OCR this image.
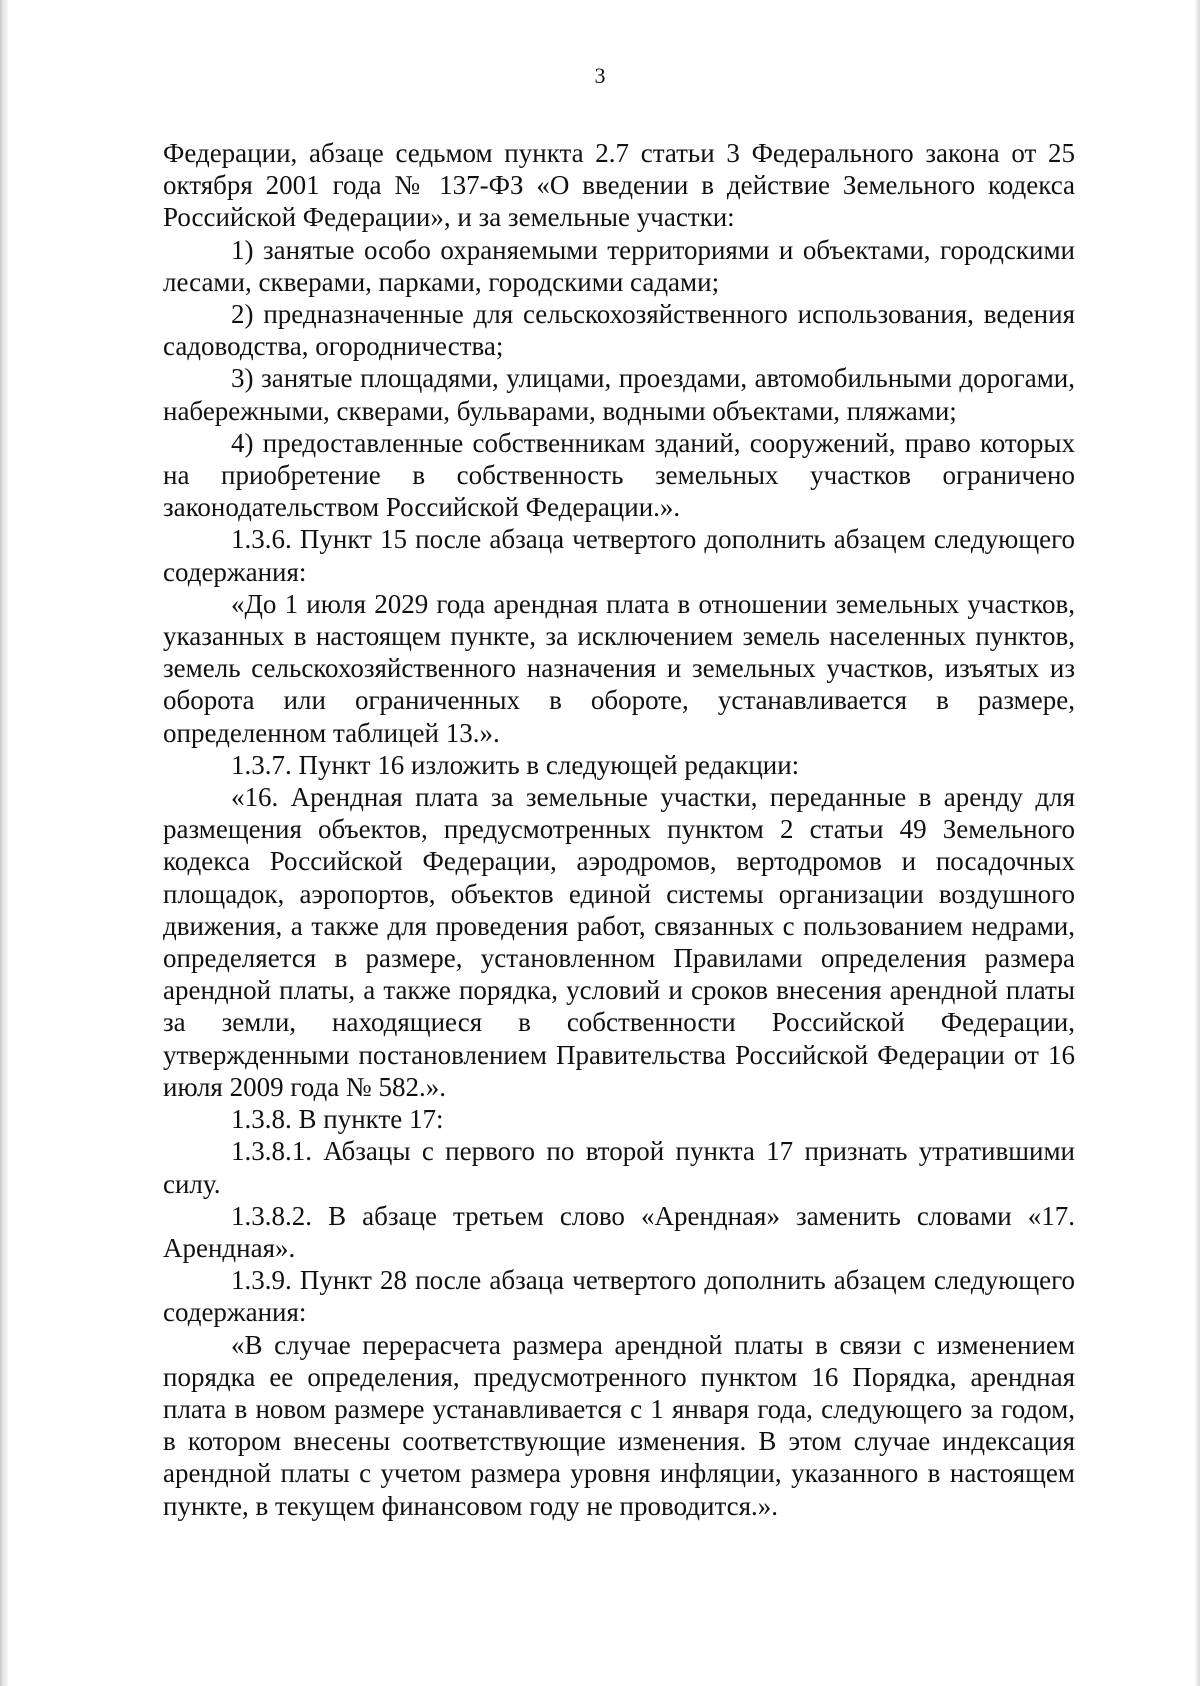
3

Федерации, абзаце седьмом пункта 2.7 статьи 3 Федерального закона от 25 октября 2001 года № 137-ФЗ «О введении в действие Земельного кодекса Российской Федерации», и за земельные участки:

1) занятые особо охраняемыми территориями и объектами, городскими лесами, скверами, парками, городскими садами;

2) предназначенные для сельскохозяйственного использования, ведения садоводства, огородничества;

3) занятые площадями, улицами, проездами, автомобильными дорогами, набережными, скверами, бульварами, водными объектами, пляжами;

4) предоставленные собственникам зданий, сооружений, право которых на приобретение в собственность земельных участков ограничено законодательством Российской Федерации.».

1.3.6. Пункт 15 после абзаца четвертого дополнить абзацем следующего содержания:

«До 1 июля 2029 года арендная плата в отношении земельных участков, указанных в настоящем пункте, за исключением земель населенных пунктов, земель сельскохозяйственного назначения и земельных участков, изъятых из оборота или ограниченных в обороте, устанавливается в размере, определенном таблицей 13.».

1.3.7. Пункт 16 изложить в следующей редакции:

«16. Арендная плата за земельные участки, переданные в аренду для размещения объектов, предусмотренных пунктом 2 статьи 49 Земельного кодекса Российской Федерации, аэродромов, вертодромов и посадочных площадок, аэропортов, объектов единой системы организации воздушного движения, а также для проведения работ, связанных с пользованием недрами, определяется в размере, установленном Правилами определения размера арендной платы, а также порядка, условий и сроков внесения арендной платы за земли, находящиеся в собственности Российской Федерации, утвержденными постановлением Правительства Российской Федерации от 16 июля 2009 года № 582.».

1.3.8. В пункте 17:

1.3.8.1. Абзацы с первого по второй пункта 17 признать утратившими силу.

1.3.8.2. В абзаце третьем слово «Арендная» заменить словами «17. Арендная».

1.3.9. Пункт 28 после абзаца четвертого дополнить абзацем следующего содержания:

«В случае перерасчета размера арендной платы в связи с изменением порядка ее определения, предусмотренного пунктом 16 Порядка, арендная плата в новом размере устанавливается с 1 января года, следующего за годом, в котором внесены соответствующие изменения. В этом случае индексация арендной платы с учетом размера уровня инфляции, указанного в настоящем пункте, в текущем финансовом году не проводится.».
